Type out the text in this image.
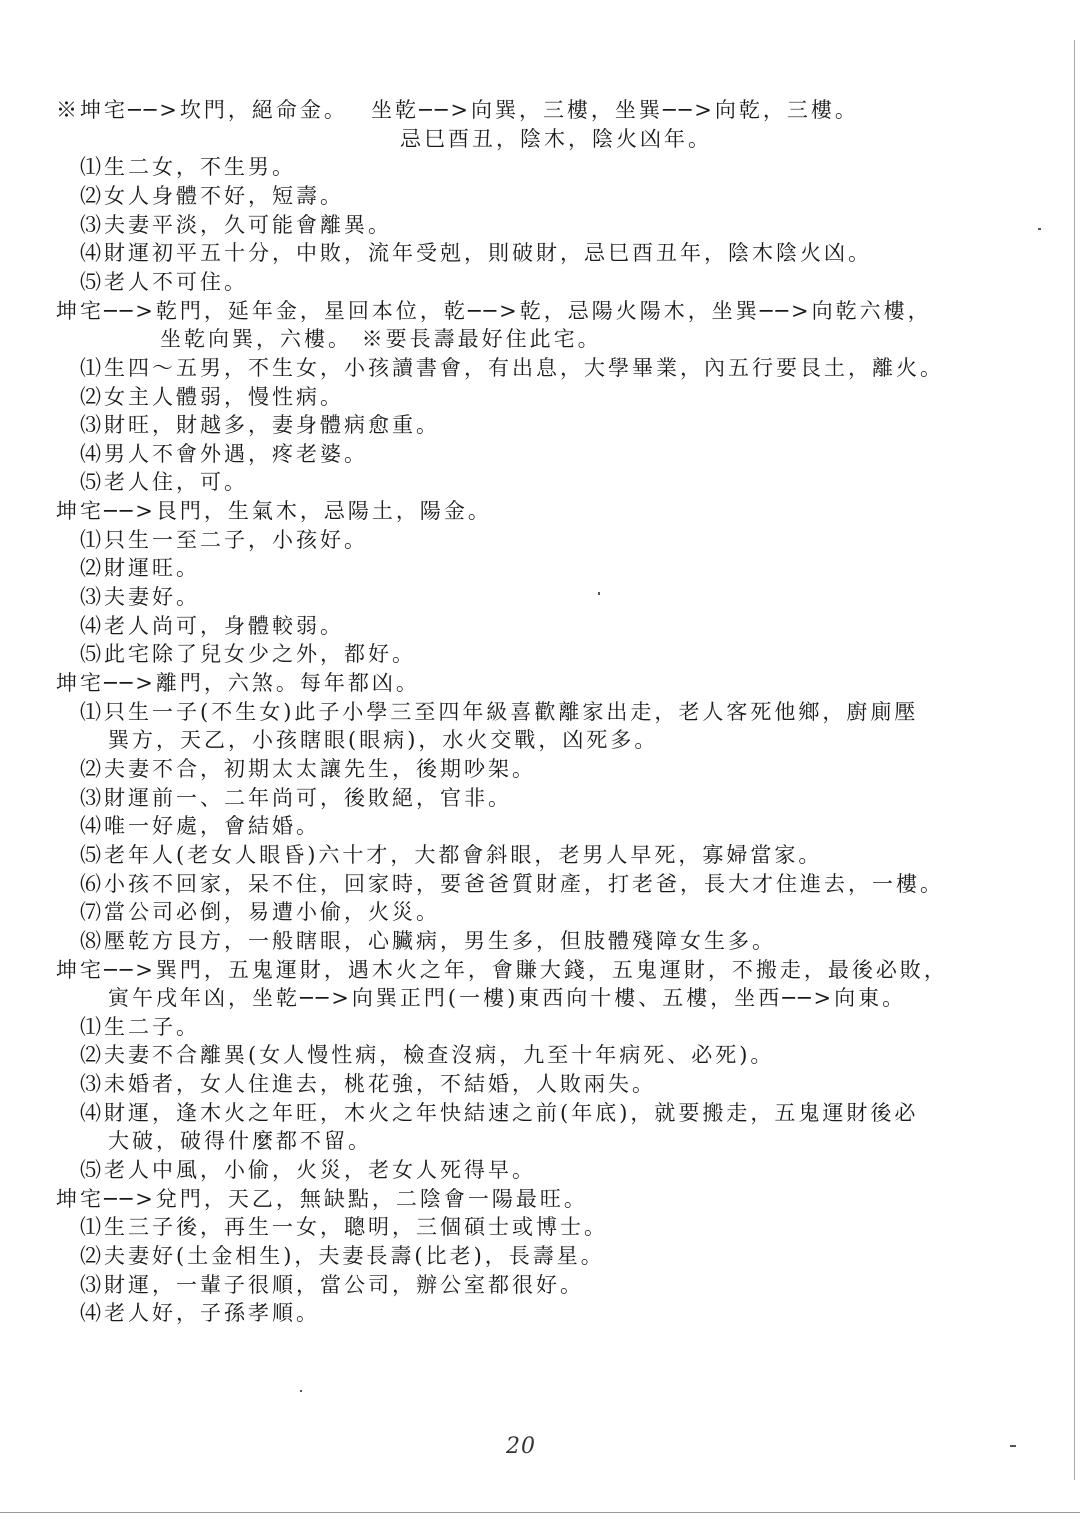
※坤宅──>坎門，絕命金。　 坐乾──>向巽，三樓，坐巽──>向乾，三樓。
忌巳酉丑，陰木，陰火凶年。
⑴生二女，不生男。
⑵女人身體不好，短壽。
⑶夫妻平淡，久可能會離異。
⑷財運初平五十分，中敗，流年受剋，則破財，忌巳酉丑年，陰木陰火凶。
⑸老人不可住。
坤宅──>乾門，延年金，星回本位，乾──>乾，忌陽火陽木，坐巽──>向乾六樓，
坐乾向巽，六樓。 ※要長壽最好住此宅。
⑴生四～五男，不生女，小孩讀書會，有出息，大學畢業，內五行要艮土，離火。
⑵女主人體弱，慢性病。
⑶財旺，財越多，妻身體病愈重。
⑷男人不會外遇，疼老婆。
⑸老人住，可。
坤宅──>艮門，生氣木，忌陽土，陽金。
⑴只生一至二子，小孩好。
⑵財運旺。
⑶夫妻好。
⑷老人尚可，身體較弱。
⑸此宅除了兒女少之外，都好。
坤宅──>離門，六煞。每年都凶。
⑴只生一子(不生女)此子小學三至四年級喜歡離家出走，老人客死他鄉，廚廁壓
巽方，天乙，小孩瞎眼(眼病)，水火交戰，凶死多。
⑵夫妻不合，初期太太讓先生，後期吵架。
⑶財運前一、二年尚可，後敗絕，官非。
⑷唯一好處，會結婚。
⑸老年人(老女人眼昏)六十才，大都會斜眼，老男人早死，寡婦當家。
⑹小孩不回家，呆不住，回家時，要爸爸質財產，打老爸，長大才住進去，一樓。
⑺當公司必倒，易遭小偷，火災。
⑻壓乾方艮方，一般瞎眼，心臟病，男生多，但肢體殘障女生多。
坤宅──>巽門，五鬼運財，遇木火之年，會賺大錢，五鬼運財，不搬走，最後必敗，
寅午戌年凶，坐乾──>向巽正門(一樓)東西向十樓、五樓，坐西──>向東。
⑴生二子。
⑵夫妻不合離異(女人慢性病，檢查沒病，九至十年病死、必死)。
⑶未婚者，女人住進去，桃花強，不結婚，人敗兩失。
⑷財運，逢木火之年旺，木火之年快結速之前(年底)，就要搬走，五鬼運財後必
大破，破得什麼都不留。
⑸老人中風，小偷，火災，老女人死得早。
坤宅──>兌門，天乙，無缺點，二陰會一陽最旺。
⑴生三子後，再生一女，聰明，三個碩士或博士。
⑵夫妻好(土金相生)，夫妻長壽(比老)，長壽星。
⑶財運，一輩子很順，當公司，辦公室都很好。
⑷老人好，子孫孝順。
20
